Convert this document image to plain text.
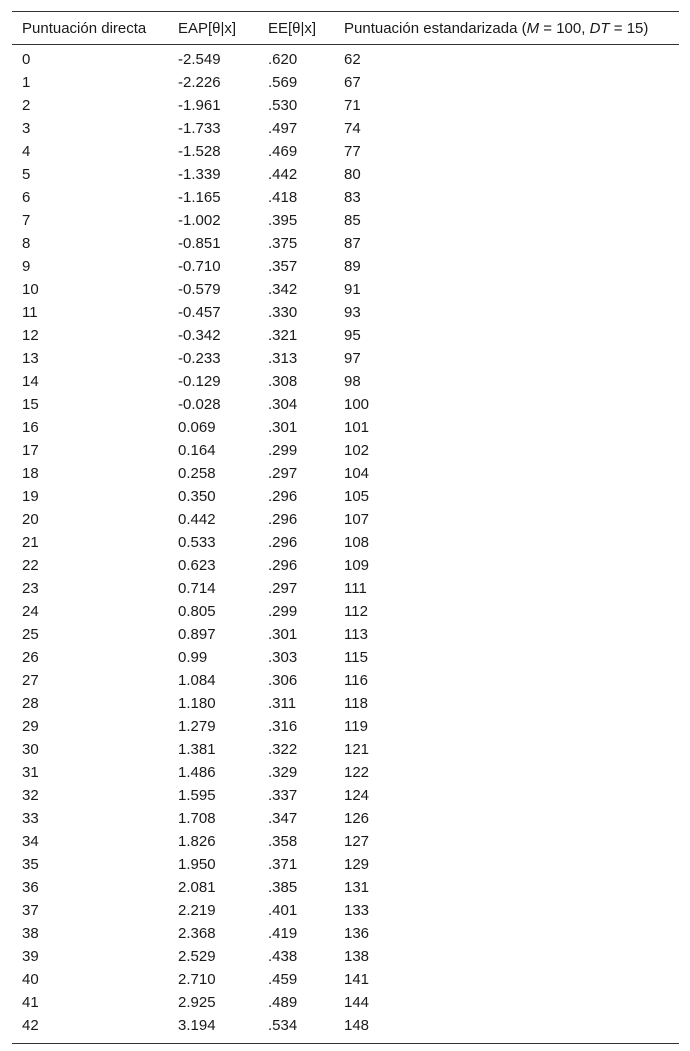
Puntuación directa	EAP[θ|x]	EE[θ|x]	Puntuación estandarizada (M = 100, DT = 15)
0	-2.549	.620	62
1	-2.226	.569	67
2	-1.961	.530	71
3	-1.733	.497	74
4	-1.528	.469	77
5	-1.339	.442	80
6	-1.165	.418	83
7	-1.002	.395	85
8	-0.851	.375	87
9	-0.710	.357	89
10	-0.579	.342	91
11	-0.457	.330	93
12	-0.342	.321	95
13	-0.233	.313	97
14	-0.129	.308	98
15	-0.028	.304	100
16	0.069	.301	101
17	0.164	.299	102
18	0.258	.297	104
19	0.350	.296	105
20	0.442	.296	107
21	0.533	.296	108
22	0.623	.296	109
23	0.714	.297	111
24	0.805	.299	112
25	0.897	.301	113
26	0.99	.303	115
27	1.084	.306	116
28	1.180	.311	118
29	1.279	.316	119
30	1.381	.322	121
31	1.486	.329	122
32	1.595	.337	124
33	1.708	.347	126
34	1.826	.358	127
35	1.950	.371	129
36	2.081	.385	131
37	2.219	.401	133
38	2.368	.419	136
39	2.529	.438	138
40	2.710	.459	141
41	2.925	.489	144
42	3.194	.534	148
